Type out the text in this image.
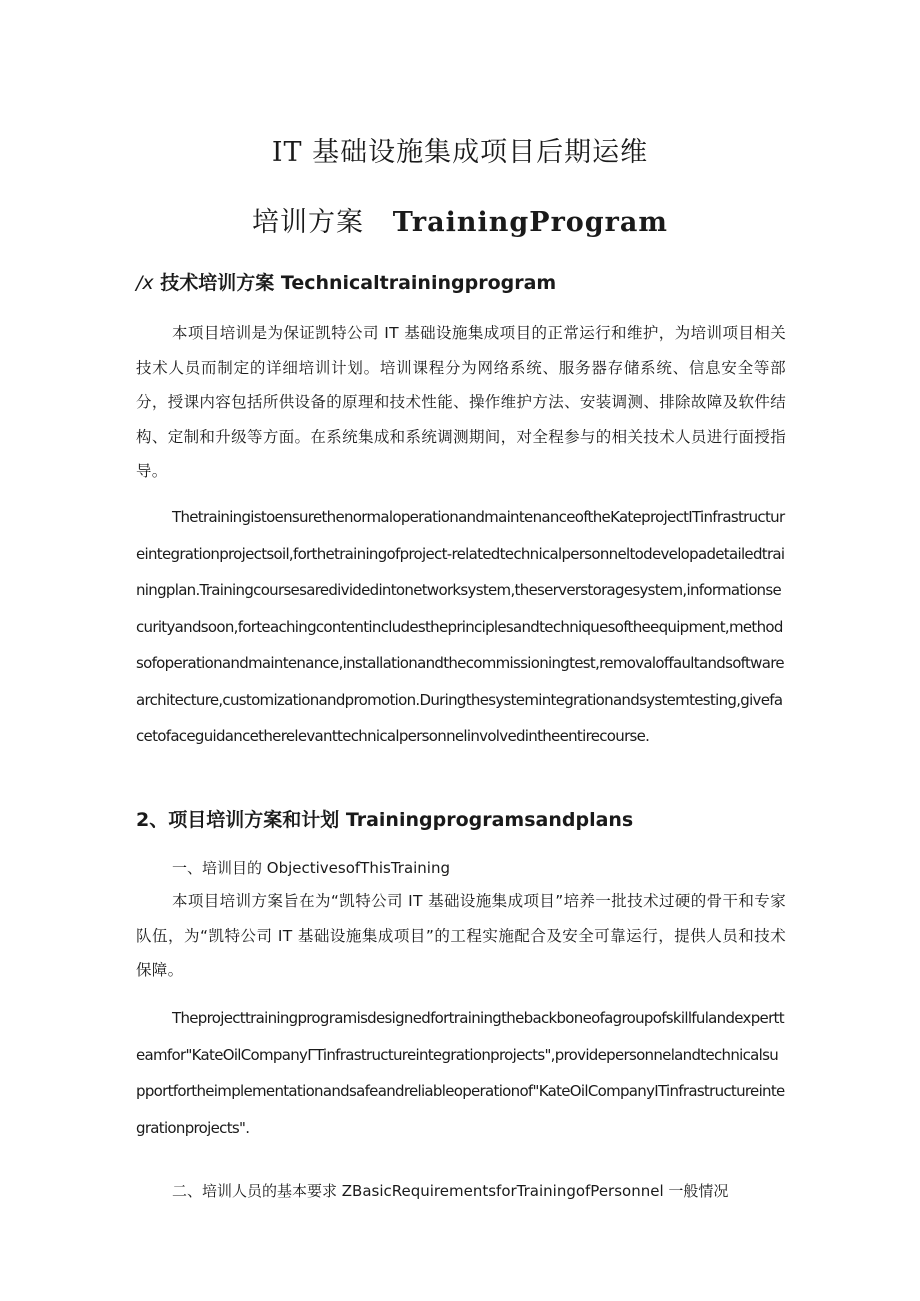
IT 基础设施集成项目后期运维
培训方案 TrainingProgram
/x 技术培训方案 Technicaltrainingprogram
本项目培训是为保证凯特公司 IT 基础设施集成项目的正常运行和维护，为培训项目相关技术人员而制定的详细培训计划。培训课程分为网络系统、服务器存储系统、信息安全等部分，授课内容包括所供设备的原理和技术性能、操作维护方法、安装调测、排除故障及软件结构、定制和升级等方面。在系统集成和系统调测期间，对全程参与的相关技术人员进行面授指导。
ThetrainingistoensurethenormaloperationandmaintenanceoftheKateprojectITinfrastructureintegrationprojectsoil,forthetrainingofproject-relatedtechnicalpersonneltodevelopadetailedtrainingplan.Trainingcoursesaredividedintonetworksystem,theserverstoragesystem,informationsecurityandsoon,forteachingcontentincludestheprinciplesandtechniquesoftheequipment,methodsofoperationandmaintenance,installationandthecommissioningtest,removaloffaultandsoftwarearchitecture,customizationandpromotion.Duringthesystemintegrationandsystemtesting,givefacetofaceguidancetherelevanttechnicalpersonnelinvolvedintheentirecourse.
2、项目培训方案和计划 Trainingprogramsandplans
一、培训目的 ObjectivesofThisTraining
本项目培训方案旨在为“凯特公司 IT 基础设施集成项目”培养一批技术过硬的骨干和专家队伍，为“凯特公司 IT 基础设施集成项目”的工程实施配合及安全可靠运行，提供人员和技术保障。
Theprojecttrainingprogramisdesignedfortrainingthebackboneofagroupofskillfulandexpertteamfor"KateOilCompanyΓTinfrastructureintegrationprojects",providepersonnelandtechnicalsupportfortheimplementationandsafeandreliableoperationof"KateOilCompanyITinfrastructureintegrationprojects".
二、培训人员的基本要求 ZBasicRequirementsforTrainingofPersonnel 一般情况
